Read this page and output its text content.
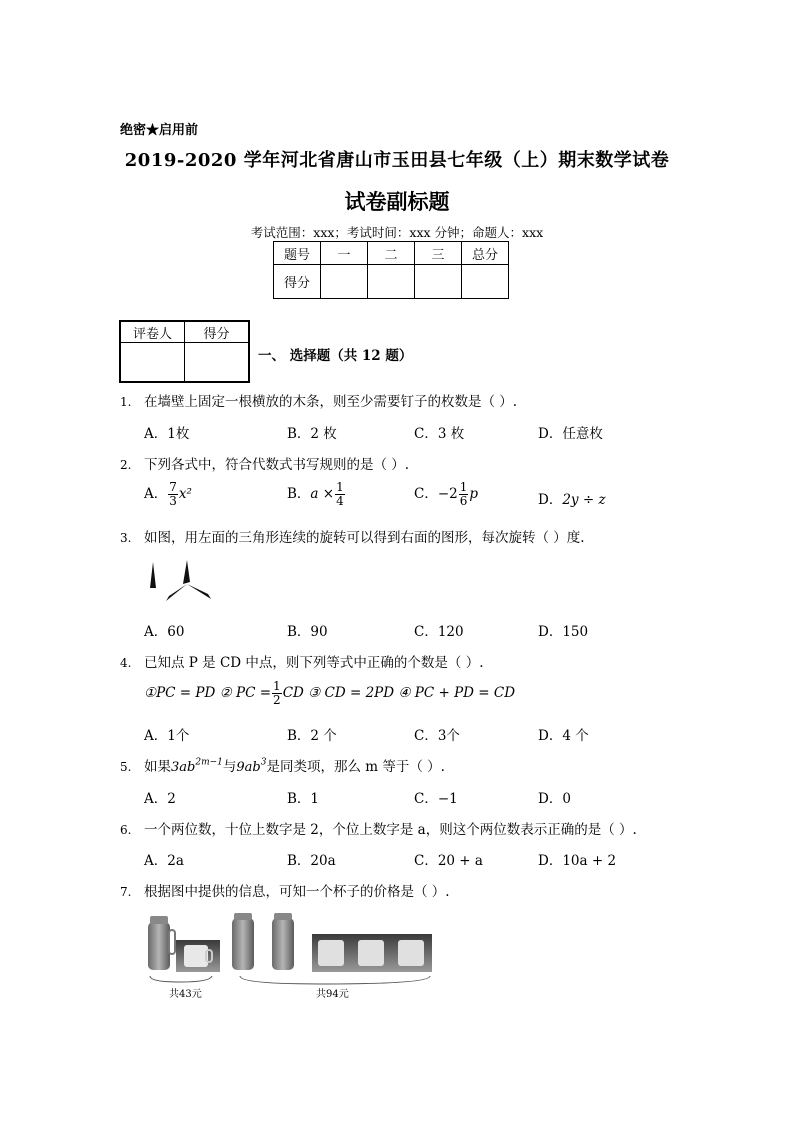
绝密★启用前
2019-2020 学年河北省唐山市玉田县七年级（上）期末数学试卷
试卷副标题
考试范围：xxx；考试时间：xxx 分钟；命题人：xxx
题号	一	二	三	总分
得分				
评卷人	得分

一、 选择题（共 12 题）
1. 在墙壁上固定一根横放的木条，则至少需要钉子的枚数是（ ）.
A．1枚	B．2 枚	C．3 枚	D．任意枚
2. 下列各式中，符合代数式书写规则的是（ ）.
A． $\frac{7}{3} x^2$	B．$a \times \frac{1}{4}$	C．$-2 \frac{1}{6}$ p	D．2y ÷ z
3. 如图，用左面的三角形连续的旋转可以得到右面的图形，每次旋转（ ）度.
A．60	B．90	C．120	D．150
4. 已知点 P 是 CD 中点，则下列等式中正确的个数是（ ）.
①PC = PD ② PC = $\frac{1}{2}$ CD ③ CD = 2PD ④ PC + PD = CD
A．1个	B．2 个	C．3个	D．4 个
5. 如果$3ab^{2m-1}$与$9ab^3$是同类项，那么 m 等于（ ）.
A．2	B．1	C．−1	D．0
6. 一个两位数，十位上数字是 2，个位上数字是 a，则这个两位数表示正确的是（ ）.
A．2a	B．20a	C．20 + a	D．10a + 2
7. 根据图中提供的信息，可知一个杯子的价格是（ ）.
共43元	共94元
